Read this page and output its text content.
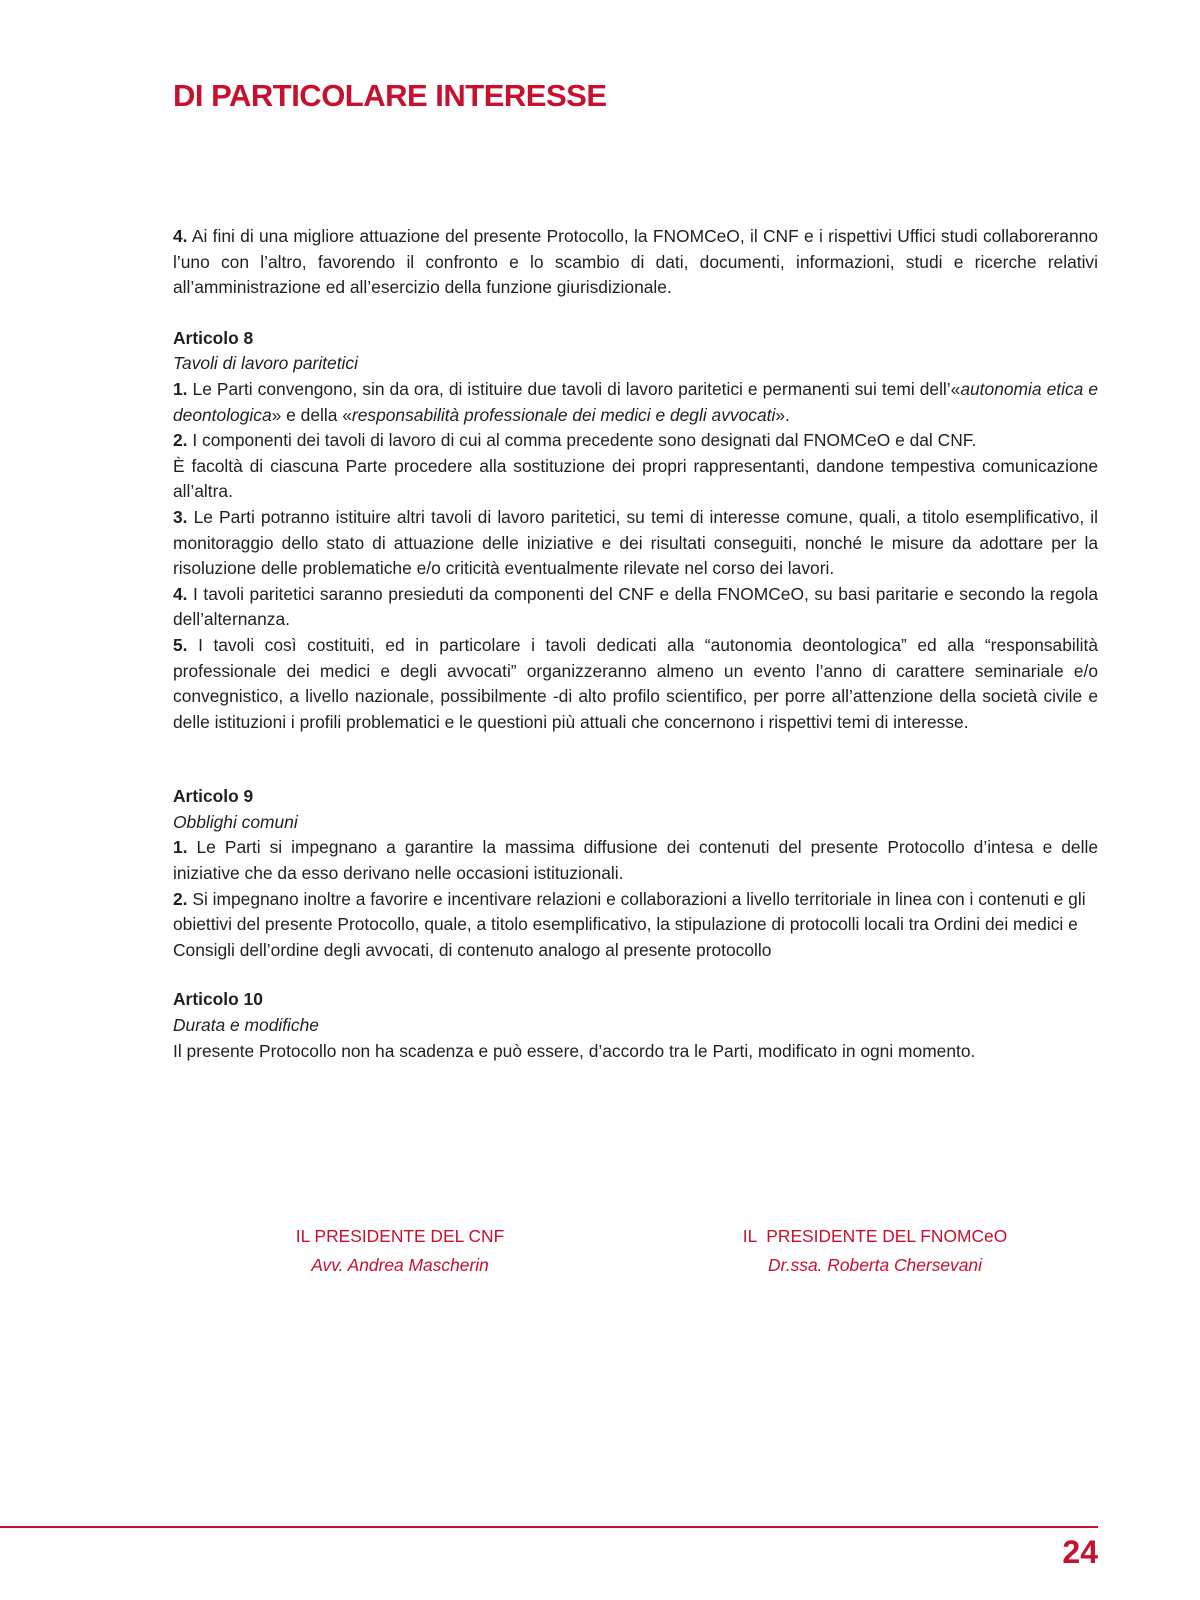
DI PARTICOLARE INTERESSE

4. Ai fini di una migliore attuazione del presente Protocollo, la FNOMCeO, il CNF e i rispettivi Uffici studi collaboreranno l’uno con l’altro, favorendo il confronto e lo scambio di dati, documenti, informazioni, studi e ricerche relativi all’amministrazione ed all’esercizio della funzione giurisdizionale.

Articolo 8

Tavoli di lavoro paritetici

1. Le Parti convengono, sin da ora, di istituire due tavoli di lavoro paritetici e permanenti sui temi dell’«autonomia etica e deontologica» e della «responsabilità professionale dei medici e degli avvocati».

2. I componenti dei tavoli di lavoro di cui al comma precedente sono designati dal FNOMCeO e dal CNF.

È facoltà di ciascuna Parte procedere alla sostituzione dei propri rappresentanti, dandone tempestiva comunicazione all’altra.

3. Le Parti potranno istituire altri tavoli di lavoro paritetici, su temi di interesse comune, quali, a titolo esemplificativo, il monitoraggio dello stato di attuazione delle iniziative e dei risultati conseguiti, nonché le misure da adottare per la risoluzione delle problematiche e/o criticità eventualmente rilevate nel corso dei lavori.

4. I tavoli paritetici saranno presieduti da componenti del CNF e della FNOMCeO, su basi paritarie e secondo la regola dell’alternanza.

5. I tavoli così costituiti, ed in particolare i tavoli dedicati alla “autonomia deontologica” ed alla “responsabilità professionale dei medici e degli avvocati” organizzeranno almeno un evento l’anno di carattere seminariale e/o convegnistico, a livello nazionale, possibilmente -di alto profilo scientifico, per porre all’attenzione della società civile e delle istituzioni i profili problematici e le questioni più attuali che concernono i rispettivi temi di interesse.

Articolo 9

Obblighi comuni

1. Le Parti si impegnano a garantire la massima diffusione dei contenuti del presente Protocollo d’intesa e delle iniziative che da esso derivano nelle occasioni istituzionali.

2. Si impegnano inoltre a favorire e incentivare relazioni e collaborazioni a livello territoriale in linea con i contenuti e gli obiettivi del presente Protocollo, quale, a titolo esemplificativo, la stipulazione di protocolli locali tra Ordini dei medici e Consigli dell’ordine degli avvocati, di contenuto analogo al presente protocollo

Articolo 10

Durata e modifiche

Il presente Protocollo non ha scadenza e può essere, d’accordo tra le Parti, modificato in ogni momento.

IL PRESIDENTE DEL CNF
Avv. Andrea Mascherin
IL  PRESIDENTE DEL FNOMCeO
Dr.ssa. Roberta Chersevani
24
